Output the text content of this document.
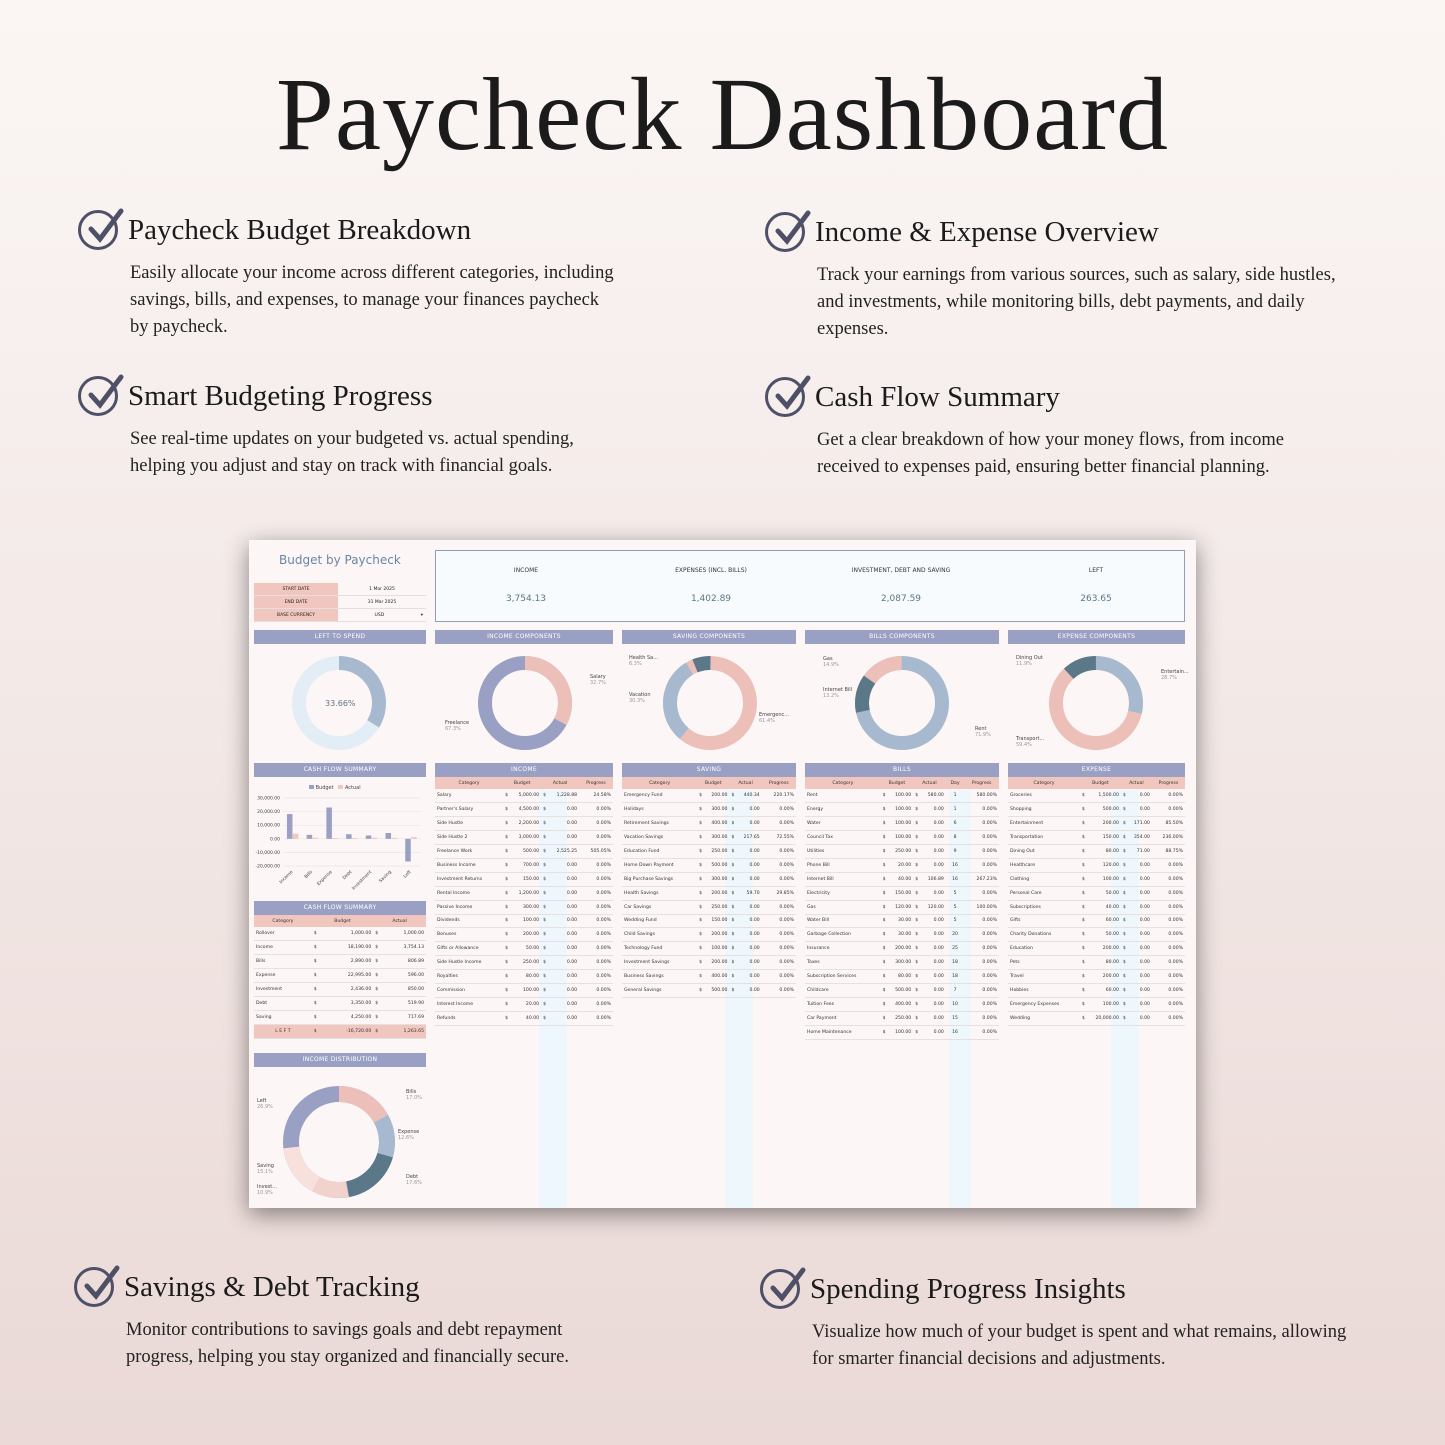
Paycheck Dashboard
Paycheck Budget Breakdown
Easily allocate your income across different categories, including
savings, bills, and expenses, to manage your finances paycheck
by paycheck.
Income & Expense Overview
Track your earnings from various sources, such as salary, side hustles,
and investments, while monitoring bills, debt payments, and daily
expenses.
Smart Budgeting Progress
See real-time updates on your budgeted vs. actual spending,
helping you adjust and stay on track with financial goals.
Cash Flow Summary
Get a clear breakdown of how your money flows, from income
received to expenses paid, ensuring better financial planning.
Savings & Debt Tracking
Monitor contributions to savings goals and debt repayment
progress, helping you stay organized and financially secure.
Spending Progress Insights
Visualize how much of your budget is spent and what remains, allowing
for smarter financial decisions and adjustments.
Budget by Paycheck
START DATE	1 Mar 2025
END DATE	31 Mar 2025
BASE CURRENCY	USD	▾
INCOME
3,754.13
EXPENSES (INCL. BILLS)
1,402.89
INVESTMENT, DEBT AND SAVING
2,087.59
LEFT
263.65
LEFT TO SPEND	INCOME COMPONENTS	SAVING COMPONENTS	BILLS COMPONENTS	EXPENSE COMPONENTS
33.66%
Salary
32.7%
Freelance
67.3%
Health Sa...
6.3%
Vacation
30.3%
Emergenc...
61.4%
Gas
14.9%
Internet Bill
13.2%
Rent
71.9%
Dining Out
11.9%
Entertain...
28.7%
Transport...
59.4%
CASH FLOW SUMMARY
Budget Actual
30,000.00
20,000.00
10,000.00
0.00
-10,000.00
-20,000.00
Income Bills Expense Debt
Investment Saving Left
CASH FLOW SUMMARY
Category	Budget	Actual
Rollover	$ 1,000.00	$ 1,000.00

Income	$ 18,190.00	$ 3,754.13

Bills	$ 2,890.00	$ 806.89

Expense	$ 22,995.00	$ 596.00

Investment	$ 2,436.00	$ 850.00

Debt	$ 3,350.00	$ 519.90

Saving	$ 4,250.00	$ 717.69

L E F T	$ -16,720.00	$ 1,263.65
INCOME DISTRIBUTION
Bills
17.0%
Expense
12.6%
Debt
17.6%
Invest...
10.9%
Saving
15.1%
Left
26.9%
INCOME
Category	Budget	Actual	Progress
Salary	$ 5,000.00	$ 1,228.88	24.58%
Partner's Salary	$ 4,500.00	$ 0.00	0.00%
Side Hustle	$ 2,200.00	$ 0.00	0.00%
Side Hustle 2	$ 3,000.00	$ 0.00	0.00%
Freelance Work	$ 500.00	$ 2,525.25	505.05%
Business Income	$ 700.00	$ 0.00	0.00%
Investment Returns	$ 150.00	$ 0.00	0.00%
Rental Income	$ 1,200.00	$ 0.00	0.00%
Passive Income	$ 300.00	$ 0.00	0.00%
Dividends	$ 100.00	$ 0.00	0.00%
Bonuses	$ 200.00	$ 0.00	0.00%
Gifts or Allowance	$ 50.00	$ 0.00	0.00%
Side Hustle Income	$ 250.00	$ 0.00	0.00%
Royalties	$ 80.00	$ 0.00	0.00%
Commission	$ 100.00	$ 0.00	0.00%
Interest Income	$ 20.00	$ 0.00	0.00%
Refunds	$ 40.00	$ 0.00	0.00%
SAVING
Category	Budget	Actual	Progress
Emergency Fund	$ 200.00	$ 440.34	220.17%
Holidays	$ 300.00	$ 0.00	0.00%
Retirement Savings	$ 400.00	$ 0.00	0.00%
Vacation Savings	$ 300.00	$ 217.65	72.55%
Education Fund	$ 250.00	$ 0.00	0.00%
Home Down Payment	$ 500.00	$ 0.00	0.00%
Big Purchase Savings	$ 300.00	$ 0.00	0.00%
Health Savings	$ 200.00	$ 59.70	29.85%
Car Savings	$ 250.00	$ 0.00	0.00%
Wedding Fund	$ 150.00	$ 0.00	0.00%
Child Savings	$ 200.00	$ 0.00	0.00%
Technology Fund	$ 100.00	$ 0.00	0.00%
Investment Savings	$ 200.00	$ 0.00	0.00%
Business Savings	$ 400.00	$ 0.00	0.00%
General Savings	$ 500.00	$ 0.00	0.00%
BILLS
Category	Budget	Actual	Day	Progress
Rent	$ 100.00	$ 580.00	1	580.00%
Energy	$ 100.00	$ 0.00	1	0.00%
Water	$ 100.00	$ 0.00	6	0.00%
Council Tax	$ 100.00	$ 0.00	8	0.00%
Utilities	$ 250.00	$ 0.00	9	0.00%
Phone Bill	$ 20.00	$ 0.00	16	0.00%
Internet Bill	$ 40.00	$ 106.89	16	267.23%
Electricity	$ 150.00	$ 0.00	5	0.00%
Gas	$ 120.00	$ 120.00	5	100.00%
Water Bill	$ 30.00	$ 0.00	5	0.00%
Garbage Collection	$ 30.00	$ 0.00	20	0.00%
Insurance	$ 200.00	$ 0.00	25	0.00%
Taxes	$ 300.00	$ 0.00	18	0.00%
Subscription Services	$ 80.00	$ 0.00	18	0.00%
Childcare	$ 500.00	$ 0.00	7	0.00%
Tuition Fees	$ 400.00	$ 0.00	10	0.00%
Car Payment	$ 250.00	$ 0.00	15	0.00%
Home Maintenance	$ 100.00	$ 0.00	16	0.00%
EXPENSE
Category	Budget	Actual	Progress
Groceries	$ 1,500.00	$ 0.00	0.00%
Shopping	$ 500.00	$ 0.00	0.00%
Entertainment	$ 200.00	$ 171.00	85.50%
Transportation	$ 150.00	$ 354.00	236.00%
Dining Out	$ 80.00	$ 71.00	88.75%
Healthcare	$ 120.00	$ 0.00	0.00%
Clothing	$ 100.00	$ 0.00	0.00%
Personal Care	$ 50.00	$ 0.00	0.00%
Subscriptions	$ 40.00	$ 0.00	0.00%
Gifts	$ 60.00	$ 0.00	0.00%
Charity Donations	$ 50.00	$ 0.00	0.00%
Education	$ 200.00	$ 0.00	0.00%
Pets	$ 80.00	$ 0.00	0.00%
Travel	$ 200.00	$ 0.00	0.00%
Hobbies	$ 60.00	$ 0.00	0.00%
Emergency Expenses	$ 100.00	$ 0.00	0.00%
Wedding	$ 20,000.00	$ 0.00	0.00%
